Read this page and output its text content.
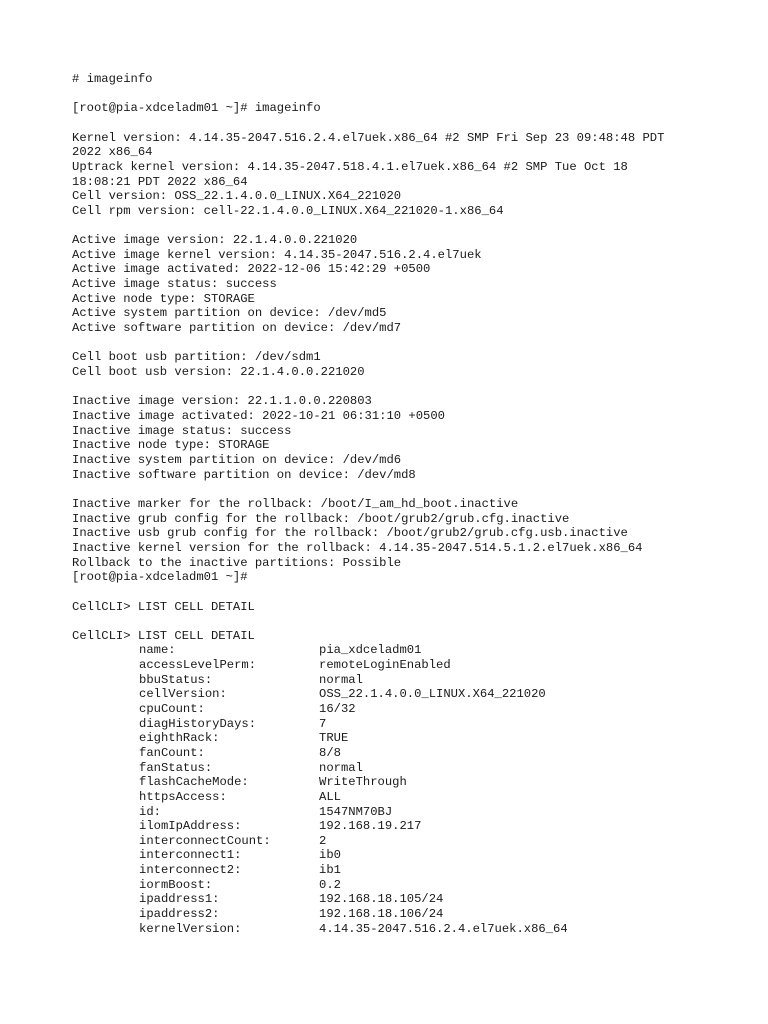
# imageinfo
[root@pia-xdceladm01 ~]# imageinfo
Kernel version: 4.14.35-2047.516.2.4.el7uek.x86_64 #2 SMP Fri Sep 23 09:48:48 PDT
2022 x86_64
Uptrack kernel version: 4.14.35-2047.518.4.1.el7uek.x86_64 #2 SMP Tue Oct 18
18:08:21 PDT 2022 x86_64
Cell version: OSS_22.1.4.0.0_LINUX.X64_221020
Cell rpm version: cell-22.1.4.0.0_LINUX.X64_221020-1.x86_64
Active image version: 22.1.4.0.0.221020
Active image kernel version: 4.14.35-2047.516.2.4.el7uek
Active image activated: 2022-12-06 15:42:29 +0500
Active image status: success
Active node type: STORAGE
Active system partition on device: /dev/md5
Active software partition on device: /dev/md7
Cell boot usb partition: /dev/sdm1
Cell boot usb version: 22.1.4.0.0.221020
Inactive image version: 22.1.1.0.0.220803
Inactive image activated: 2022-10-21 06:31:10 +0500
Inactive image status: success
Inactive node type: STORAGE
Inactive system partition on device: /dev/md6
Inactive software partition on device: /dev/md8
Inactive marker for the rollback: /boot/I_am_hd_boot.inactive
Inactive grub config for the rollback: /boot/grub2/grub.cfg.inactive
Inactive usb grub config for the rollback: /boot/grub2/grub.cfg.usb.inactive
Inactive kernel version for the rollback: 4.14.35-2047.514.5.1.2.el7uek.x86_64
Rollback to the inactive partitions: Possible
[root@pia-xdceladm01 ~]#
CellCLI> LIST CELL DETAIL
CellCLI> LIST CELL DETAIL
name:	pia_xdceladm01
accessLevelPerm:	remoteLoginEnabled
bbuStatus:	normal
cellVersion:	OSS_22.1.4.0.0_LINUX.X64_221020
cpuCount:	16/32
diagHistoryDays:	7
eighthRack:	TRUE
fanCount:	8/8
fanStatus:	normal
flashCacheMode:	WriteThrough
httpsAccess:	ALL
id:	1547NM70BJ
ilomIpAddress:	192.168.19.217
interconnectCount:	2
interconnect1:	ib0
interconnect2:	ib1
iormBoost:	0.2
ipaddress1:	192.168.18.105/24
ipaddress2:	192.168.18.106/24
kernelVersion:	4.14.35-2047.516.2.4.el7uek.x86_64
